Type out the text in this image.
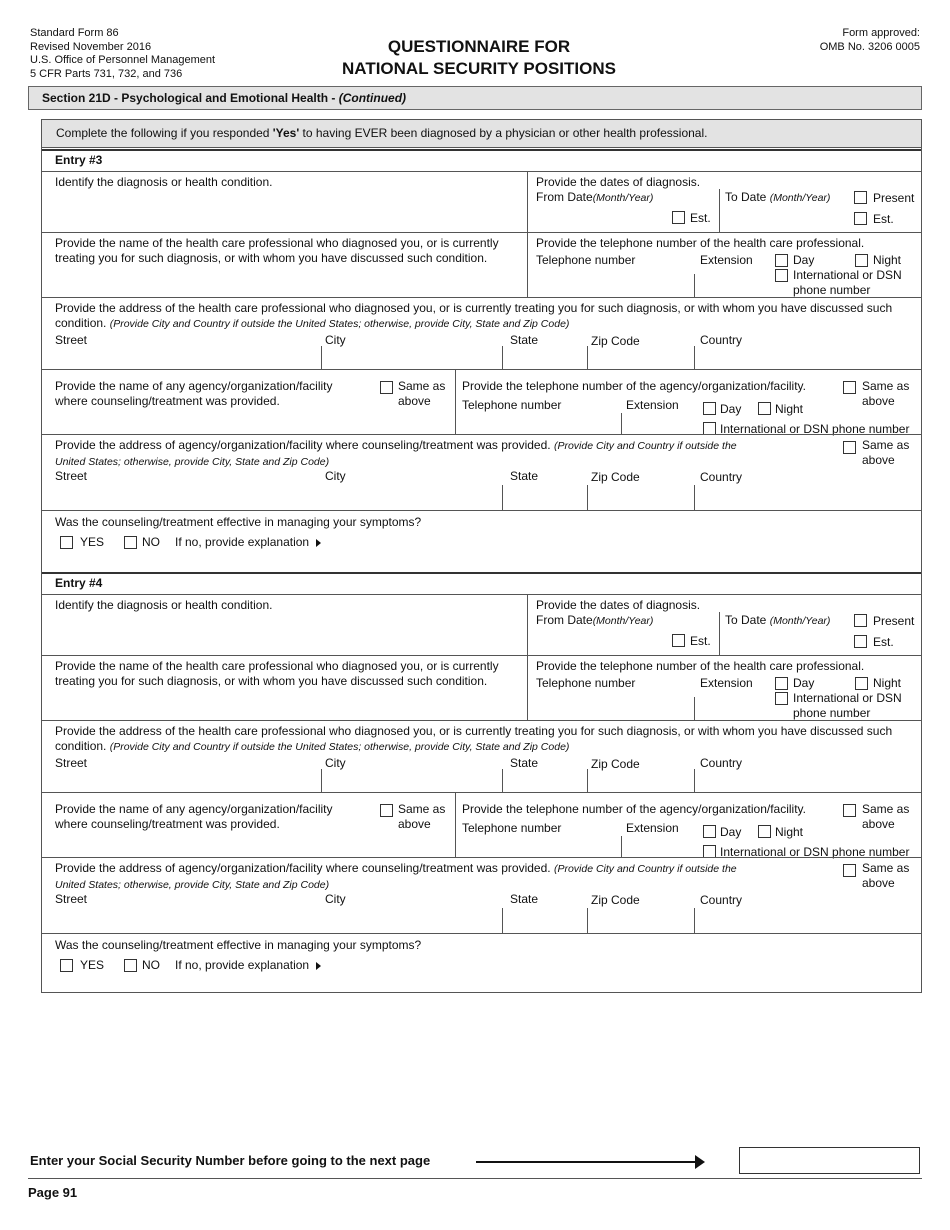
Standard Form 86
Revised November 2016
U.S. Office of Personnel Management
5 CFR Parts 731, 732, and 736
QUESTIONNAIRE FOR
NATIONAL SECURITY POSITIONS
Form approved:
OMB No. 3206 0005
Section 21D - Psychological and Emotional Health - (Continued)
Complete the following if you responded 'Yes' to having EVER been diagnosed by a physician or other health professional.
Entry #3
Identify the diagnosis or health condition.	Provide the dates of diagnosis.
From Date(Month/Year)	To Date (Month/Year)	Present
Est.	Est.
Provide the name of the health care professional who diagnosed you, or is currently treating you for such diagnosis, or with whom you have discussed such condition.
Provide the telephone number of the health care professional.
Telephone number	Extension	Day	Night
International or DSN phone number
Provide the address of the health care professional who diagnosed you, or is currently treating you for such diagnosis, or with whom you have discussed such condition. (Provide City and Country if outside the United States; otherwise, provide City, State and Zip Code)
Street	City	State	Zip Code	Country
Provide the name of any agency/organization/facility where counseling/treatment was provided.
Same as above
Provide the telephone number of the agency/organization/facility.	Same as above
Telephone number	Extension	Day	Night
International or DSN phone number
Provide the address of agency/organization/facility where counseling/treatment was provided. (Provide City and Country if outside the
United States; otherwise, provide City, State and Zip Code)
Same as above
Street	City	State	Zip Code	Country
Was the counseling/treatment effective in managing your symptoms?
YES	NO If no, provide explanation
Entry #4
Identify the diagnosis or health condition.	Provide the dates of diagnosis.
From Date(Month/Year)	To Date (Month/Year)	Present
Est.	Est.
Provide the name of the health care professional who diagnosed you, or is currently treating you for such diagnosis, or with whom you have discussed such condition.
Provide the telephone number of the health care professional.
Telephone number	Extension	Day	Night
International or DSN phone number
Provide the address of the health care professional who diagnosed you, or is currently treating you for such diagnosis, or with whom you have discussed such condition. (Provide City and Country if outside the United States; otherwise, provide City, State and Zip Code)
Street	City	State	Zip Code	Country
Provide the name of any agency/organization/facility where counseling/treatment was provided.
Same as above
Provide the telephone number of the agency/organization/facility.	Same as above
Telephone number	Extension	Day	Night
International or DSN phone number
Provide the address of agency/organization/facility where counseling/treatment was provided. (Provide City and Country if outside the
United States; otherwise, provide City, State and Zip Code)
Same as above
Street	City	State	Zip Code	Country
Was the counseling/treatment effective in managing your symptoms?
YES	NO If no, provide explanation
Enter your Social Security Number before going to the next page
Page 91
